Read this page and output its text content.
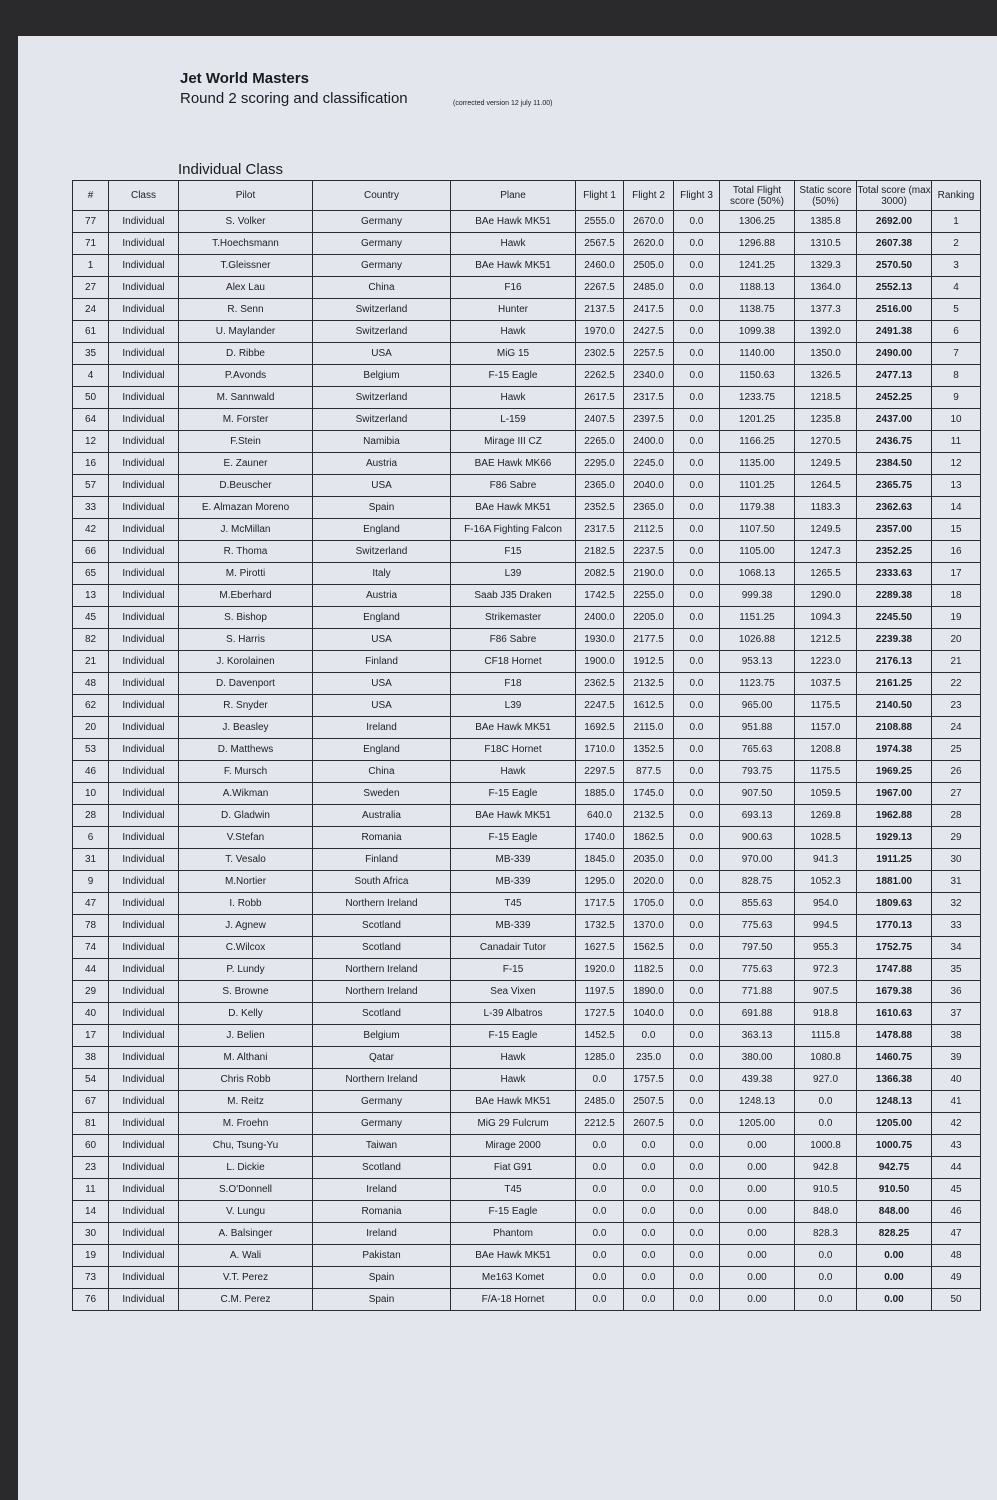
Jet World Masters
Round 2 scoring and classification	(corrected version 12 july 11.00)
Individual Class
#	Class	Pilot	Country	Plane	Flight 1	Flight 2	Flight 3	Total Flight score (50%)	Static score (50%)	Total score (max 3000)	Ranking
77	Individual	S. Volker	Germany	BAe Hawk MK51	2555.0	2670.0	0.0	1306.25	1385.8	2692.00	1
71	Individual	T.Hoechsmann	Germany	Hawk	2567.5	2620.0	0.0	1296.88	1310.5	2607.38	2
1	Individual	T.Gleissner	Germany	BAe Hawk MK51	2460.0	2505.0	0.0	1241.25	1329.3	2570.50	3
27	Individual	Alex Lau	China	F16	2267.5	2485.0	0.0	1188.13	1364.0	2552.13	4
24	Individual	R. Senn	Switzerland	Hunter	2137.5	2417.5	0.0	1138.75	1377.3	2516.00	5
61	Individual	U. Maylander	Switzerland	Hawk	1970.0	2427.5	0.0	1099.38	1392.0	2491.38	6
35	Individual	D. Ribbe	USA	MiG 15	2302.5	2257.5	0.0	1140.00	1350.0	2490.00	7
4	Individual	P.Avonds	Belgium	F-15 Eagle	2262.5	2340.0	0.0	1150.63	1326.5	2477.13	8
50	Individual	M. Sannwald	Switzerland	Hawk	2617.5	2317.5	0.0	1233.75	1218.5	2452.25	9
64	Individual	M. Forster	Switzerland	L-159	2407.5	2397.5	0.0	1201.25	1235.8	2437.00	10
12	Individual	F.Stein	Namibia	Mirage III CZ	2265.0	2400.0	0.0	1166.25	1270.5	2436.75	11
16	Individual	E. Zauner	Austria	BAE Hawk MK66	2295.0	2245.0	0.0	1135.00	1249.5	2384.50	12
57	Individual	D.Beuscher	USA	F86 Sabre	2365.0	2040.0	0.0	1101.25	1264.5	2365.75	13
33	Individual	E. Almazan Moreno	Spain	BAe Hawk MK51	2352.5	2365.0	0.0	1179.38	1183.3	2362.63	14
42	Individual	J. McMillan	England	F-16A Fighting Falcon	2317.5	2112.5	0.0	1107.50	1249.5	2357.00	15
66	Individual	R. Thoma	Switzerland	F15	2182.5	2237.5	0.0	1105.00	1247.3	2352.25	16
65	Individual	M. Pirotti	Italy	L39	2082.5	2190.0	0.0	1068.13	1265.5	2333.63	17
13	Individual	M.Eberhard	Austria	Saab J35 Draken	1742.5	2255.0	0.0	999.38	1290.0	2289.38	18
45	Individual	S. Bishop	England	Strikemaster	2400.0	2205.0	0.0	1151.25	1094.3	2245.50	19
82	Individual	S. Harris	USA	F86 Sabre	1930.0	2177.5	0.0	1026.88	1212.5	2239.38	20
21	Individual	J. Korolainen	Finland	CF18 Hornet	1900.0	1912.5	0.0	953.13	1223.0	2176.13	21
48	Individual	D. Davenport	USA	F18	2362.5	2132.5	0.0	1123.75	1037.5	2161.25	22
62	Individual	R. Snyder	USA	L39	2247.5	1612.5	0.0	965.00	1175.5	2140.50	23
20	Individual	J. Beasley	Ireland	BAe Hawk MK51	1692.5	2115.0	0.0	951.88	1157.0	2108.88	24
53	Individual	D. Matthews	England	F18C Hornet	1710.0	1352.5	0.0	765.63	1208.8	1974.38	25
46	Individual	F. Mursch	China	Hawk	2297.5	877.5	0.0	793.75	1175.5	1969.25	26
10	Individual	A.Wikman	Sweden	F-15 Eagle	1885.0	1745.0	0.0	907.50	1059.5	1967.00	27
28	Individual	D. Gladwin	Australia	BAe Hawk MK51	640.0	2132.5	0.0	693.13	1269.8	1962.88	28
6	Individual	V.Stefan	Romania	F-15 Eagle	1740.0	1862.5	0.0	900.63	1028.5	1929.13	29
31	Individual	T. Vesalo	Finland	MB-339	1845.0	2035.0	0.0	970.00	941.3	1911.25	30
9	Individual	M.Nortier	South Africa	MB-339	1295.0	2020.0	0.0	828.75	1052.3	1881.00	31
47	Individual	I. Robb	Northern Ireland	T45	1717.5	1705.0	0.0	855.63	954.0	1809.63	32
78	Individual	J. Agnew	Scotland	MB-339	1732.5	1370.0	0.0	775.63	994.5	1770.13	33
74	Individual	C.Wilcox	Scotland	Canadair Tutor	1627.5	1562.5	0.0	797.50	955.3	1752.75	34
44	Individual	P. Lundy	Northern Ireland	F-15	1920.0	1182.5	0.0	775.63	972.3	1747.88	35
29	Individual	S. Browne	Northern Ireland	Sea Vixen	1197.5	1890.0	0.0	771.88	907.5	1679.38	36
40	Individual	D. Kelly	Scotland	L-39 Albatros	1727.5	1040.0	0.0	691.88	918.8	1610.63	37
17	Individual	J. Belien	Belgium	F-15 Eagle	1452.5	0.0	0.0	363.13	1115.8	1478.88	38
38	Individual	M. Althani	Qatar	Hawk	1285.0	235.0	0.0	380.00	1080.8	1460.75	39
54	Individual	Chris Robb	Northern Ireland	Hawk	0.0	1757.5	0.0	439.38	927.0	1366.38	40
67	Individual	M. Reitz	Germany	BAe Hawk MK51	2485.0	2507.5	0.0	1248.13	0.0	1248.13	41
81	Individual	M. Froehn	Germany	MiG 29 Fulcrum	2212.5	2607.5	0.0	1205.00	0.0	1205.00	42
60	Individual	Chu, Tsung-Yu	Taiwan	Mirage 2000	0.0	0.0	0.0	0.00	1000.8	1000.75	43
23	Individual	L. Dickie	Scotland	Fiat G91	0.0	0.0	0.0	0.00	942.8	942.75	44
11	Individual	S.O'Donnell	Ireland	T45	0.0	0.0	0.0	0.00	910.5	910.50	45
14	Individual	V. Lungu	Romania	F-15 Eagle	0.0	0.0	0.0	0.00	848.0	848.00	46
30	Individual	A. Balsinger	Ireland	Phantom	0.0	0.0	0.0	0.00	828.3	828.25	47
19	Individual	A. Wali	Pakistan	BAe Hawk MK51	0.0	0.0	0.0	0.00	0.0	0.00	48
73	Individual	V.T. Perez	Spain	Me163 Komet	0.0	0.0	0.0	0.00	0.0	0.00	49
76	Individual	C.M. Perez	Spain	F/A-18 Hornet	0.0	0.0	0.0	0.00	0.0	0.00	50
